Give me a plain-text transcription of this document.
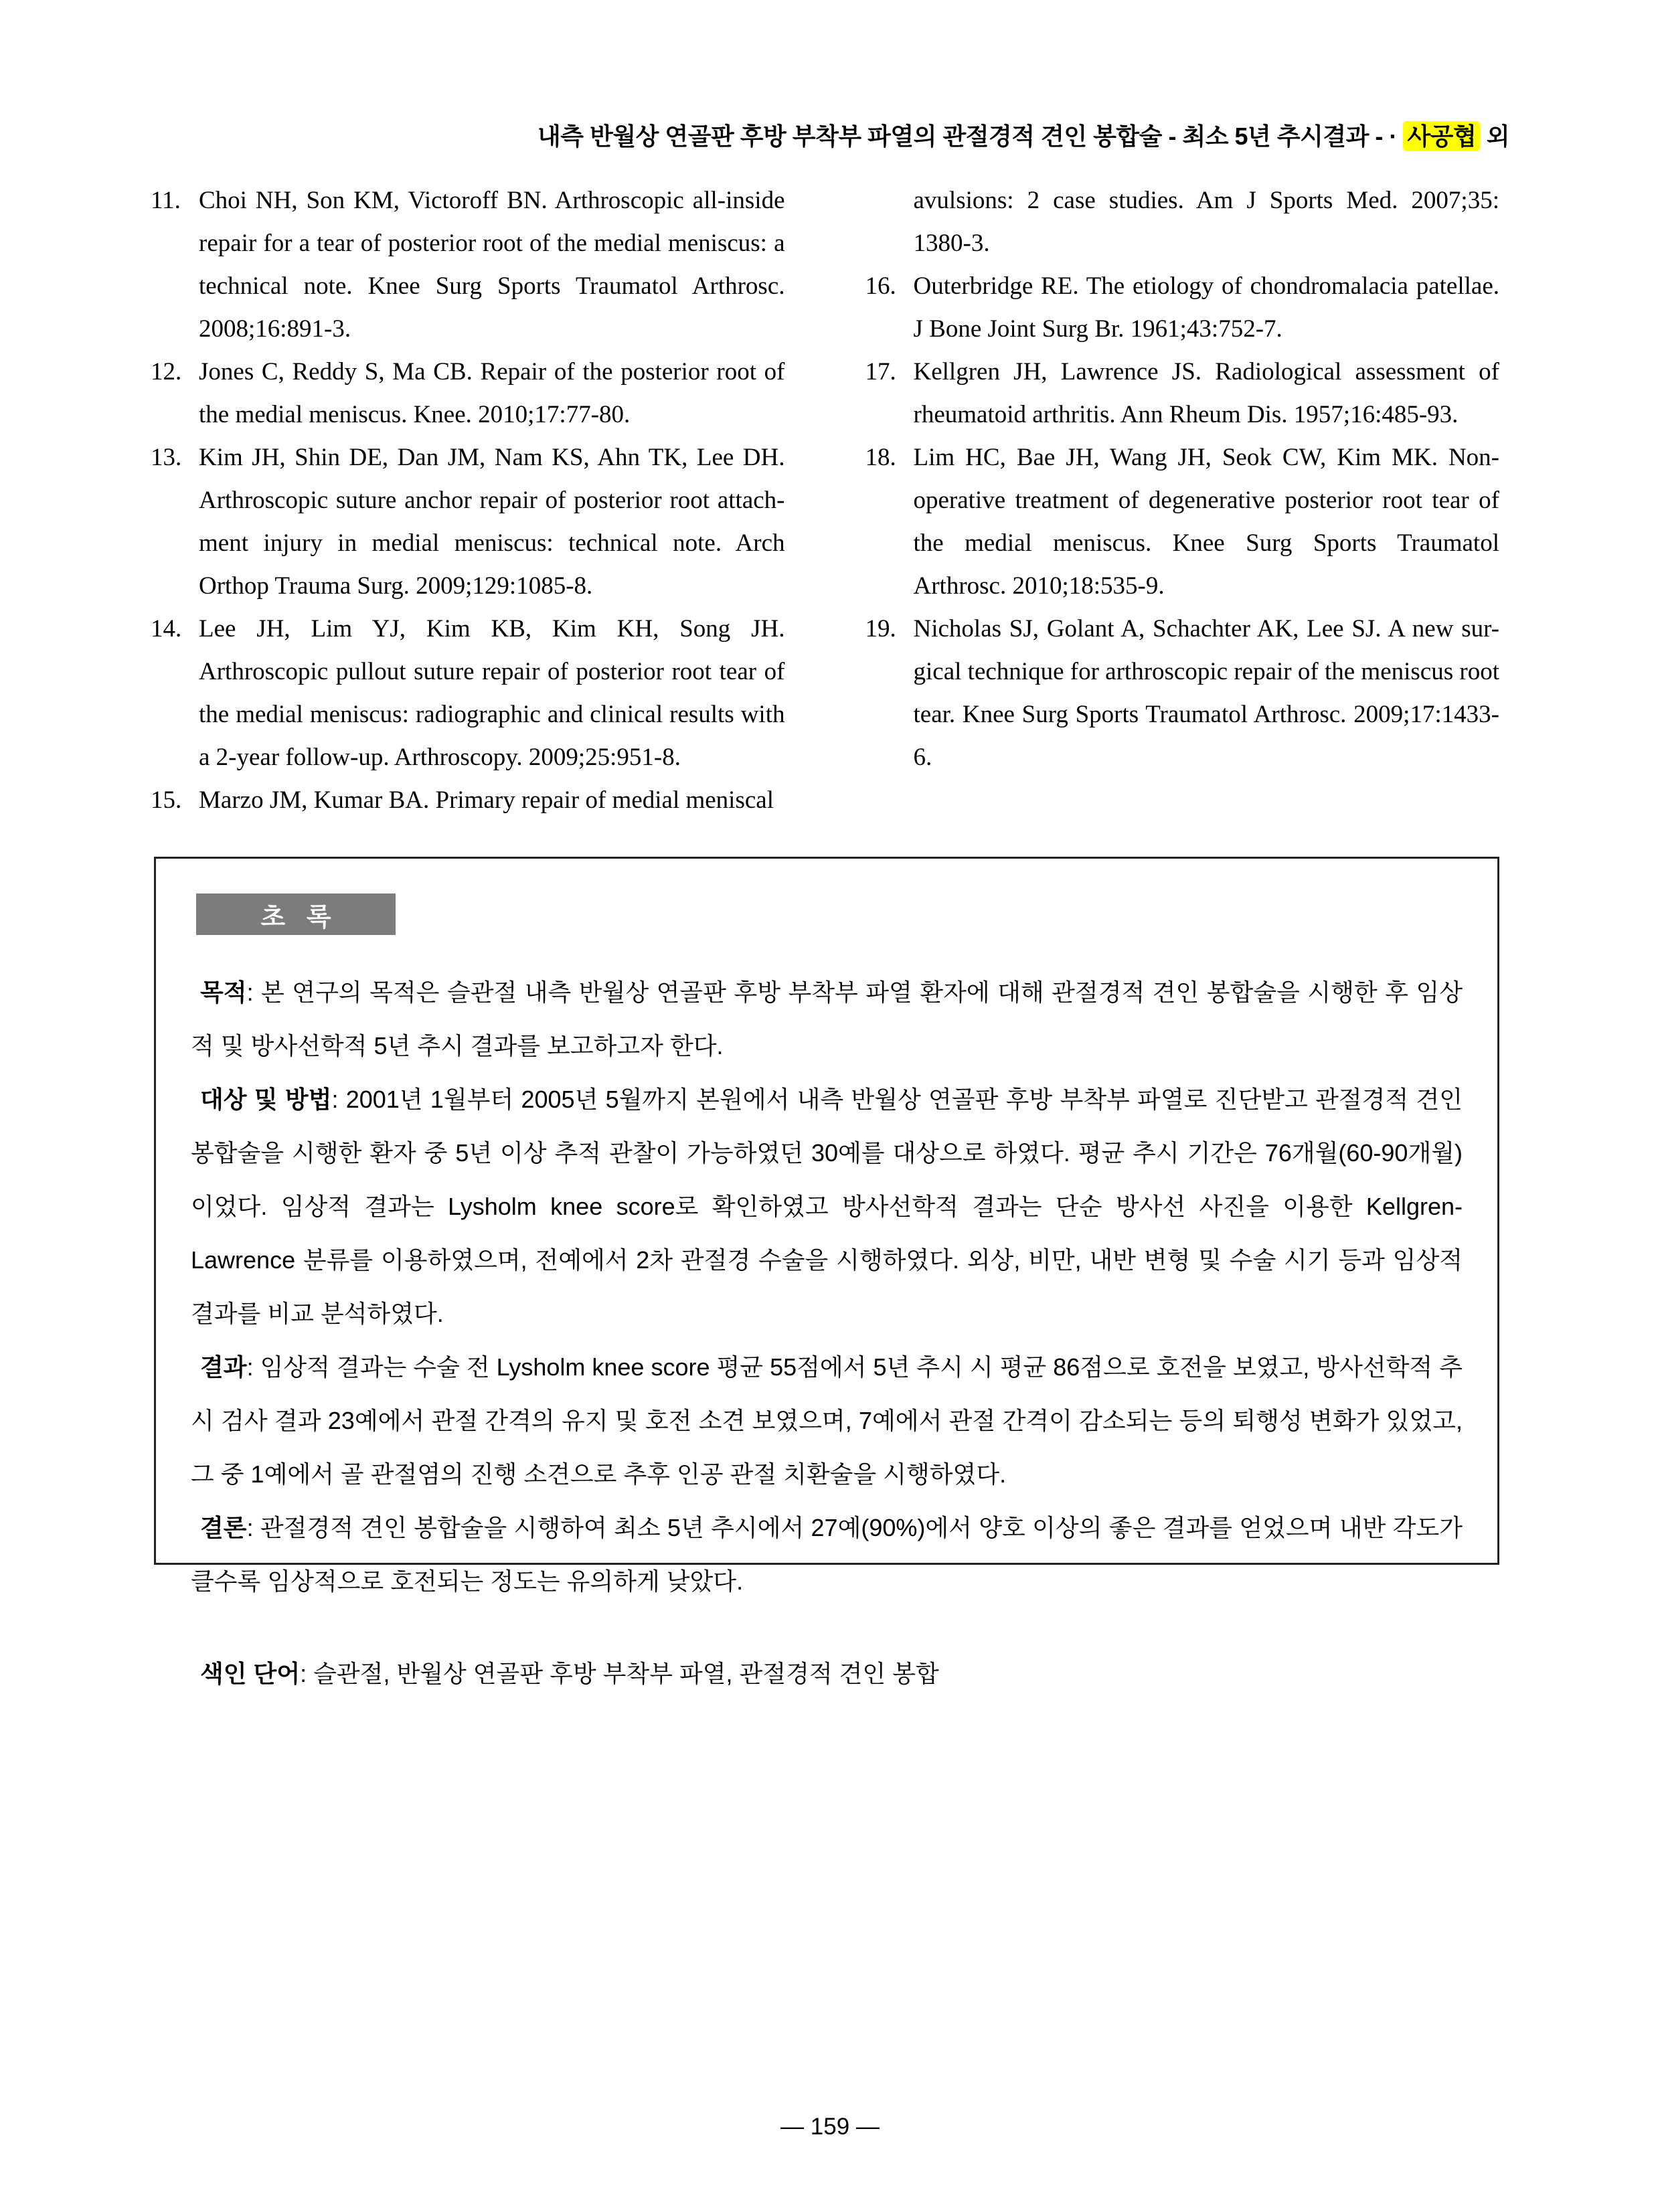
내측 반월상 연골판 후방 부착부 파열의 관절경적 견인 봉합술 - 최소 5년 추시결과 - · 사공협 외
11. Choi NH, Son KM, Victoroff BN. Arthroscopic all-inside repair for a tear of posterior root of the medial meniscus: a technical note. Knee Surg Sports Traumatol Arthrosc. 2008;16:891-3.
12. Jones C, Reddy S, Ma CB. Repair of the posterior root of the medial meniscus. Knee. 2010;17:77-80.
13. Kim JH, Shin DE, Dan JM, Nam KS, Ahn TK, Lee DH. Arthroscopic suture anchor repair of posterior root attach- ment injury in medial meniscus: technical note. Arch Orthop Trauma Surg. 2009;129:1085-8.
14. Lee JH, Lim YJ, Kim KB, Kim KH, Song JH. Arthroscopic pullout suture repair of posterior root tear of the medial meniscus: radiographic and clinical results with a 2-year follow-up. Arthroscopy. 2009;25:951-8.
15. Marzo JM, Kumar BA. Primary repair of medial meniscal
avulsions: 2 case studies. Am J Sports Med. 2007;35: 1380-3.
16. Outerbridge RE. The etiology of chondromalacia patellae. J Bone Joint Surg Br. 1961;43:752-7.
17. Kellgren JH, Lawrence JS. Radiological assessment of rheumatoid arthritis. Ann Rheum Dis. 1957;16:485-93.
18. Lim HC, Bae JH, Wang JH, Seok CW, Kim MK. Non- operative treatment of degenerative posterior root tear of the medial meniscus. Knee Surg Sports Traumatol Arthrosc. 2010;18:535-9.
19. Nicholas SJ, Golant A, Schachter AK, Lee SJ. A new sur- gical technique for arthroscopic repair of the meniscus root tear. Knee Surg Sports Traumatol Arthrosc. 2009;17:1433-6.
초   록

목적: 본 연구의 목적은 슬관절 내측 반월상 연골판 후방 부착부 파열 환자에 대해 관절경적 견인 봉합술을 시행한 후 임상적 및 방사선학적 5년 추시 결과를 보고하고자 한다.

대상 및 방법: 2001년 1월부터 2005년 5월까지 본원에서 내측 반월상 연골판 후방 부착부 파열로 진단받고 관절경적 견인 봉합술을 시행한 환자 중 5년 이상 추적 관찰이 가능하였던 30예를 대상으로 하였다. 평균 추시 기간은 76개월(60-90개월)이었다. 임상적 결과는 Lysholm knee score로 확인하였고 방사선학적 결과는 단순 방사선 사진을 이용한 Kellgren-Lawrence 분류를 이용하였으며, 전예에서 2차 관절경 수술을 시행하였다. 외상, 비만, 내반 변형 및 수술 시기 등과 임상적 결과를 비교 분석하였다.

결과: 임상적 결과는 수술 전 Lysholm knee score 평균 55점에서 5년 추시 시 평균 86점으로 호전을 보였고, 방사선학적 추시 검사 결과 23예에서 관절 간격의 유지 및 호전 소견 보였으며, 7예에서 관절 간격이 감소되는 등의 퇴행성 변화가 있었고, 그 중 1예에서 골 관절염의 진행 소견으로 추후 인공 관절 치환술을 시행하였다.

결론: 관절경적 견인 봉합술을 시행하여 최소 5년 추시에서 27예(90%)에서 양호 이상의 좋은 결과를 얻었으며 내반 각도가 클수록 임상적으로 호전되는 정도는 유의하게 낮았다.

색인 단어: 슬관절, 반월상 연골판 후방 부착부 파열, 관절경적 견인 봉합

— 159 —
